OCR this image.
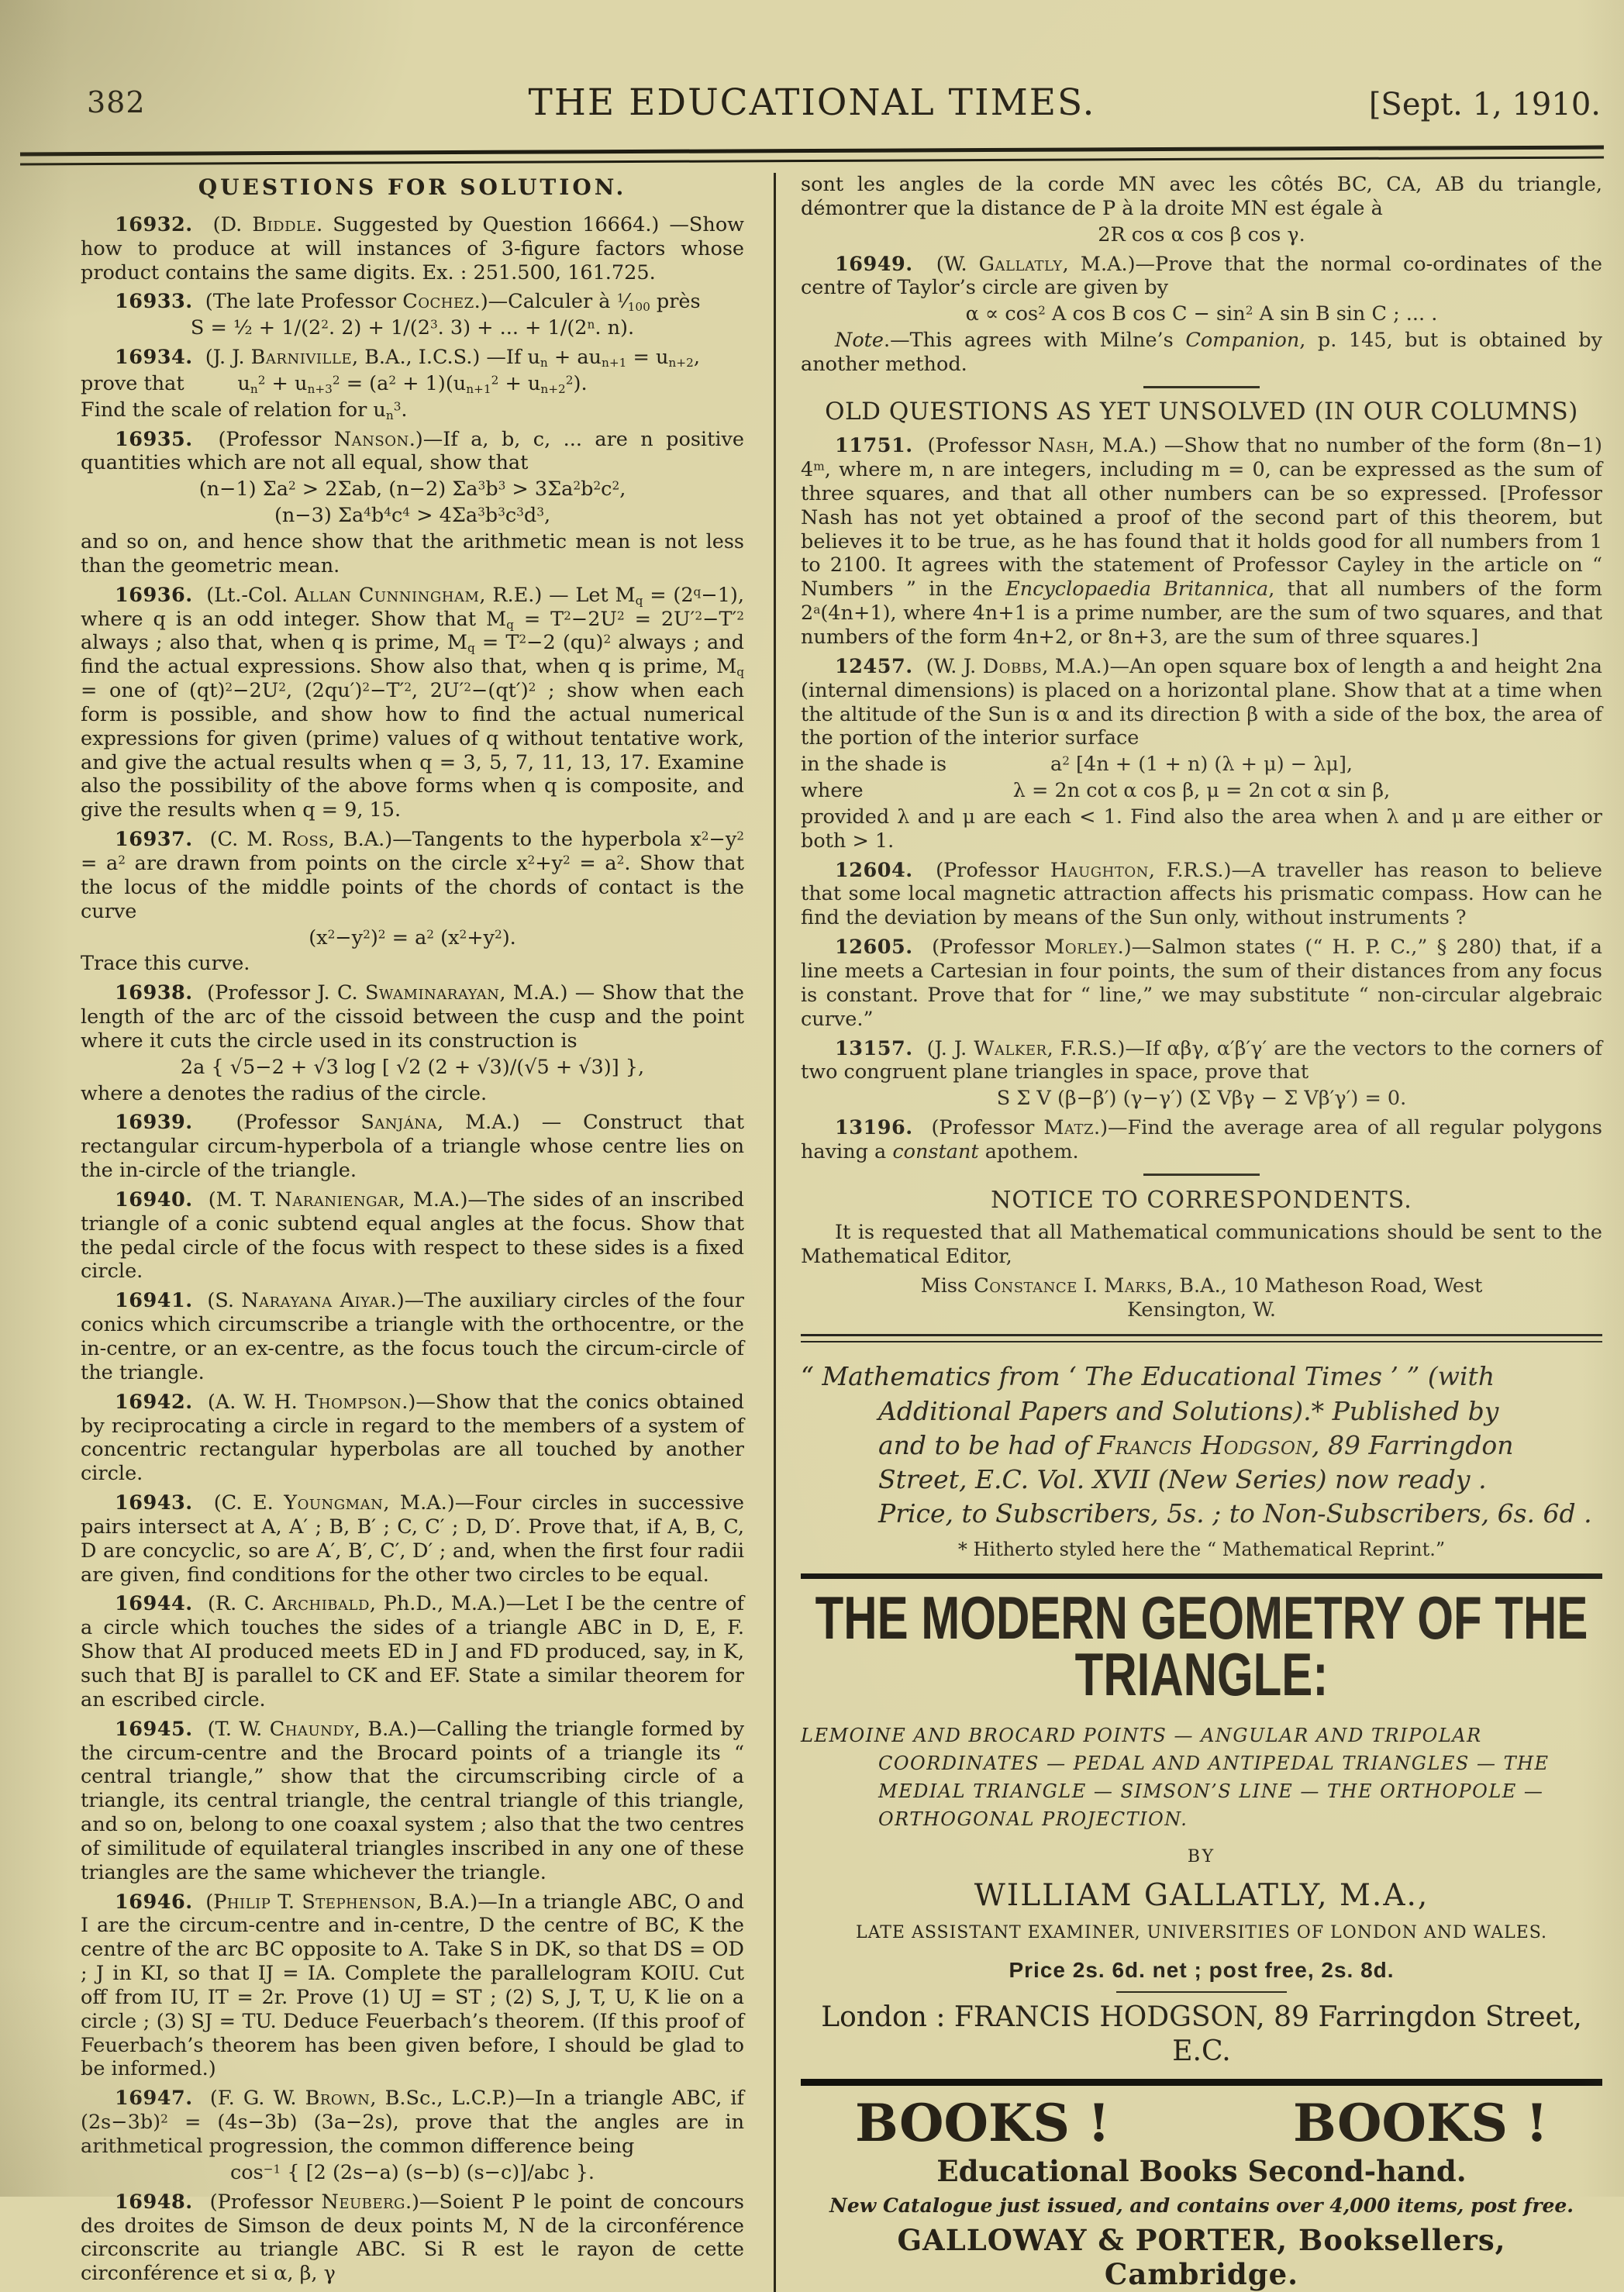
382	THE EDUCATIONAL TIMES.	[Sept. 1, 1910.
QUESTIONS FOR SOLUTION.
16932.  (D. Biddle. Suggested by Question 16664.) —Show how to produce at will instances of 3-figure factors whose product contains the same digits. Ex. : 251.500, 161.725.
16933.  (The late Professor Cochez.)—Calculer à $^1⁄_{100}$ près
S = ½ + $1/(2^2$. $2) + 1/(2^3$. 3) + ... + $1/(2^n$. n).
16934.  (J. J. Barniville, B.A., I.C.S.) —If $u_n + au_{n+1} = u_{n+2}$,
prove that	$u_n^2 + u_{n+3}^2 = (a^2 + 1)(u_{n+1}^2 + u_{n+2}^2)$.
Find the scale of relation for $u_n^3$.
16935.  (Professor Nanson.)—If a, b, c, ... are n positive quantities which are not all equal, show that
(n−1) $\Sigma a^2 > 2\Sigma ab$, (n−2) $\Sigma a^3b^3 > 3\Sigma a^2b^2c^2$,
(n−3) $\Sigma a^4b^4c^4 > 4\Sigma a^3b^3c^3d^3$,
and so on, and hence show that the arithmetic mean is not less than the geometric mean.
16936.  (Lt.-Col. Allan Cunningham, R.E.) — Let $M_q = (2^q-1)$, where q is an odd integer. Show that $M_q = T^2-2U^2 = 2U'^2-T'^2$ always ; also that, when q is prime, $M_q = T^2-2$ (qu)$^2$ always ; and find the actual expressions. Show also that, when q is prime, $M_q$ = one of $(qt)^2-2U^2$, $(2qu')^2-T'^2$, $2U'^2-(qt')^2$ ; show when each form is possible, and show how to find the actual numerical expressions for given (prime) values of q without tentative work, and give the actual results when q = 3, 5, 7, 11, 13, 17. Examine also the possibility of the above forms when q is composite, and give the results when q = 9, 15.
16937.  (C. M. Ross, B.A.)—Tangents to the hyperbola $x^2-y^2 = a^2$ are drawn from points on the circle $x^2+y^2 = a^2$. Show that the locus of the middle points of the chords of contact is the curve
$(x^2-y^2)^2 = a^2$ $(x^2+y^2)$.
Trace this curve.
16938.  (Professor J. C. Swaminarayan, M.A.) — Show that the length of the arc of the cissoid between the cusp and the point where it cuts the circle used in its construction is
2a { √5−2 + √3 log [ √2 (2 + √3)/(√5 + √3)] },
where a denotes the radius of the circle.
16939.  (Professor Sanjána, M.A.) — Construct that rectangular circum-hyperbola of a triangle whose centre lies on the in-circle of the triangle.
16940.  (M. T. Naraniengar, M.A.)—The sides of an inscribed triangle of a conic subtend equal angles at the focus. Show that the pedal circle of the focus with respect to these sides is a fixed circle.
16941.  (S. Narayana Aiyar.)—The auxiliary circles of the four conics which circumscribe a triangle with the orthocentre, or the in-centre, or an ex-centre, as the focus touch the circum-circle of the triangle.
16942.  (A. W. H. Thompson.)—Show that the conics obtained by reciprocating a circle in regard to the members of a system of concentric rectangular hyperbolas are all touched by another circle.
16943.  (C. E. Youngman, M.A.)—Four circles in successive pairs intersect at A, A′ ; B, B′ ; C, C′ ; D, D′. Prove that, if A, B, C, D are concyclic, so are A′, B′, C′, D′ ; and, when the first four radii are given, find conditions for the other two circles to be equal.
16944.  (R. C. Archibald, Ph.D., M.A.)—Let I be the centre of a circle which touches the sides of a triangle ABC in D, E, F. Show that AI produced meets ED in J and FD produced, say, in K, such that BJ is parallel to CK and EF. State a similar theorem for an escribed circle.
16945.  (T. W. Chaundy, B.A.)—Calling the triangle formed by the circum-centre and the Brocard points of a triangle its “ central triangle,” show that the circumscribing circle of a triangle, its central triangle, the central triangle of this triangle, and so on, belong to one coaxal system ; also that the two centres of similitude of equilateral triangles inscribed in any one of these triangles are the same whichever the triangle.
16946.  (Philip T. Stephenson, B.A.)—In a triangle ABC, O and I are the circum-centre and in-centre, D the centre of BC, K the centre of the arc BC opposite to A. Take S in DK, so that DS = OD ; J in KI, so that IJ = IA. Complete the parallelogram KOIU. Cut off from IU, IT = 2r. Prove (1) UJ = ST ; (2) S, J, T, U, K lie on a circle ; (3) SJ = TU. Deduce Feuerbach’s theorem. (If this proof of Feuerbach’s theorem has been given before, I should be glad to be informed.)
16947.  (F. G. W. Brown, B.Sc., L.C.P.)—In a triangle ABC, if $(2s-3b)^2 = (4s-3b)$ (3a−2s), prove that the angles are in arithmetical progression, the common difference being
$\cos^{-1}$ { [2 (2s−a) (s−b) (s−c)]/abc }.
16948.  (Professor Neuberg.)—Soient P le point de concours des droites de Simson de deux points M, N de la circonférence circonscrite au triangle ABC. Si R est le rayon de cette circonférence et si α, β, γ
sont les angles de la corde MN avec les côtés BC, CA, AB du triangle, démontrer que la distance de P à la droite MN est égale à
2R cos α cos β cos γ.
16949.  (W. Gallatly, M.A.)—Prove that the normal co-ordinates of the centre of Taylor’s circle are given by
$\alpha \propto \cos^2 A$ cos B $\cos C - \sin^2 A$ sin B sin C ; ... .
Note.—This agrees with Milne’s Companion, p. 145, but is obtained by another method.
OLD QUESTIONS AS YET UNSOLVED (IN OUR COLUMNS)
11751.  (Professor Nash, M.A.) —Show that no number of the form (8n−1) 4$^m$, where m, n are integers, including m = 0, can be expressed as the sum of three squares, and that all other numbers can be so expressed. [Professor Nash has not yet obtained a proof of the second part of this theorem, but believes it to be true, as he has found that it holds good for all numbers from 1 to 2100. It agrees with the statement of Professor Cayley in the article on “ Numbers ” in the Encyclopaedia Britannica, that all numbers of the form $2^a(4n+1)$, where 4n+1 is a prime number, are the sum of two squares, and that numbers of the form 4n+2, or 8n+3, are the sum of three squares.]
12457.  (W. J. Dobbs, M.A.)—An open square box of length a and height 2na (internal dimensions) is placed on a horizontal plane. Show that at a time when the altitude of the Sun is α and its direction β with a side of the box, the area of the portion of the interior surface
in the shade is	$a^2$ [4n + (1 + n) (λ + μ) − λμ],
where	λ = 2n cot α cos β, μ = 2n cot α sin β,
provided λ and μ are each < 1. Find also the area when λ and μ are either or both > 1.
12604.  (Professor Haughton, F.R.S.)—A traveller has reason to believe that some local magnetic attraction affects his prismatic compass. How can he find the deviation by means of the Sun only, without instruments ?
12605.  (Professor Morley.)—Salmon states (“ H. P. C.,” § 280) that, if a line meets a Cartesian in four points, the sum of their distances from any focus is constant. Prove that for “ line,” we may substitute “ non-circular algebraic curve.”
13157.  (J. J. Walker, F.R.S.)—If αβγ, α′β′γ′ are the vectors to the corners of two congruent plane triangles in space, prove that
S Σ V (β−β′) (γ−γ′) (Σ Vβγ − Σ Vβ′γ′) = 0.
13196.  (Professor Matz.)—Find the average area of all regular polygons having a constant apothem.
NOTICE TO CORRESPONDENTS.
It is requested that all Mathematical communications should be sent to the Mathematical Editor,
Miss Constance I. Marks, B.A., 10 Matheson Road, West
Kensington, W.
“ Mathematics from ‘ The Educational Times ’ ” (with
Additional Papers and Solutions).* Published by
and to be had of Francis Hodgson, 89 Farringdon
Street, E.C. Vol. XVII (New Series) now ready .
Price, to Subscribers, 5s. ; to Non-Subscribers, 6s. 6d .
* Hitherto styled here the “ Mathematical Reprint.”
THE MODERN GEOMETRY OF THE
TRIANGLE:
LEMOINE AND BROCARD POINTS — ANGULAR AND TRIPOLAR COORDINATES — PEDAL AND ANTIPEDAL TRIANGLES — THE MEDIAL TRIANGLE — SIMSON’S LINE — THE ORTHOPOLE — ORTHOGONAL PROJECTION.
BY
WILLIAM GALLATLY, M.A.,
LATE ASSISTANT EXAMINER, UNIVERSITIES OF LONDON AND WALES.
Price 2s. 6d. net ; post free, 2s. 8d.
London : FRANCIS HODGSON, 89 Farringdon Street, E.C.
BOOKS !	BOOKS !
Educational Books Second-hand.
New Catalogue just issued, and contains over 4,000 items, post free.
GALLOWAY & PORTER, Booksellers, Cambridge.
